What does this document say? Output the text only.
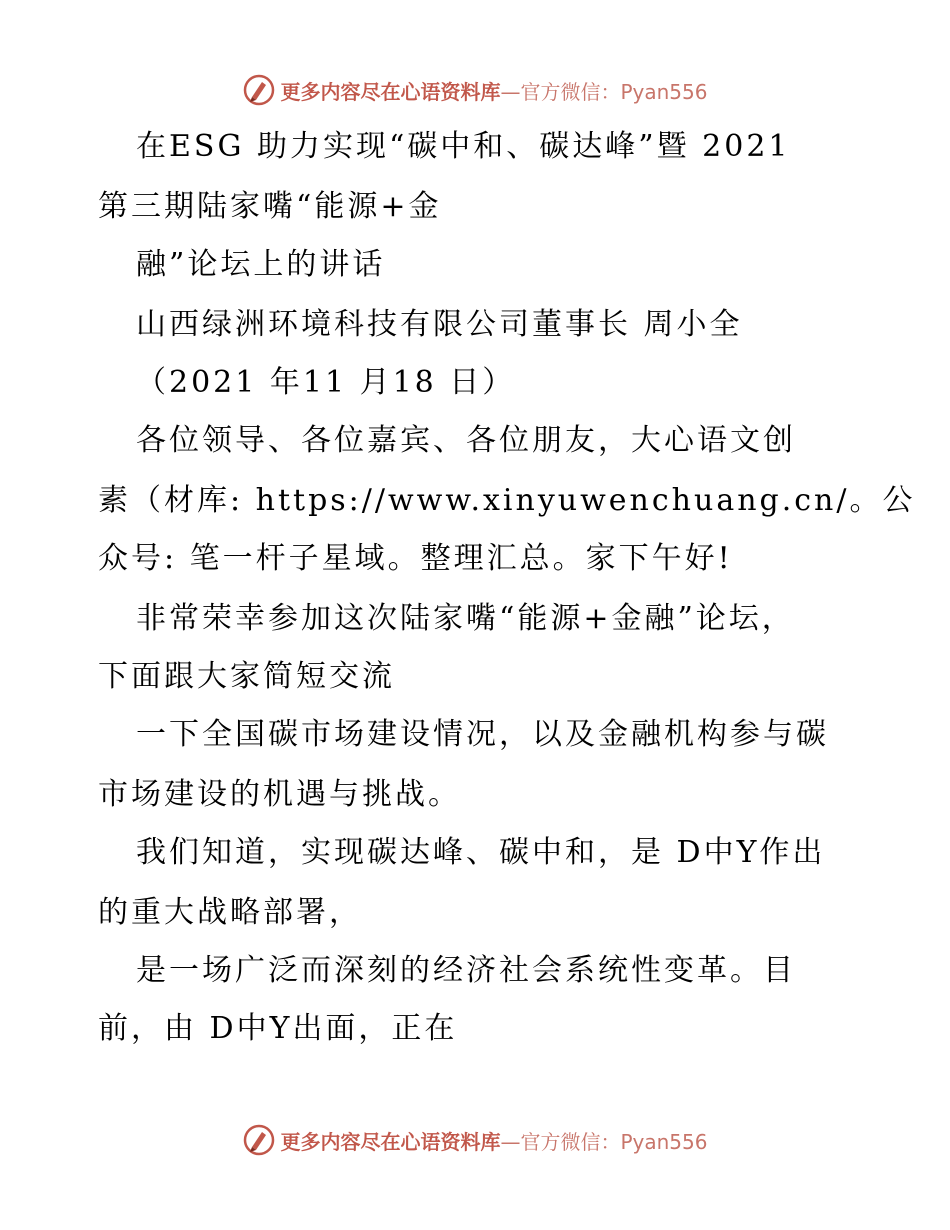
更多内容尽在心语资料库—官方微信：Pyan556
在ESG 助力实现“碳中和、碳达峰”暨 2021
第三期陆家嘴“能源+金
融”论坛上的讲话
山西绿洲环境科技有限公司董事长 周小全
（2021 年11 月18 日）
各位领导、各位嘉宾、各位朋友，大心语文创
素（材库: https://www.xinyuwenchuang.cn/。公
众号: 笔一杆子星域。整理汇总。家下午好!
非常荣幸参加这次陆家嘴“能源+金融”论坛，
下面跟大家简短交流
一下全国碳市场建设情况，以及金融机构参与碳
市场建设的机遇与挑战。
我们知道，实现碳达峰、碳中和，是 D中Y作出
的重大战略部署，
是一场广泛而深刻的经济社会系统性变革。目
前，由 D中Y出面，正在
更多内容尽在心语资料库—官方微信：Pyan556
